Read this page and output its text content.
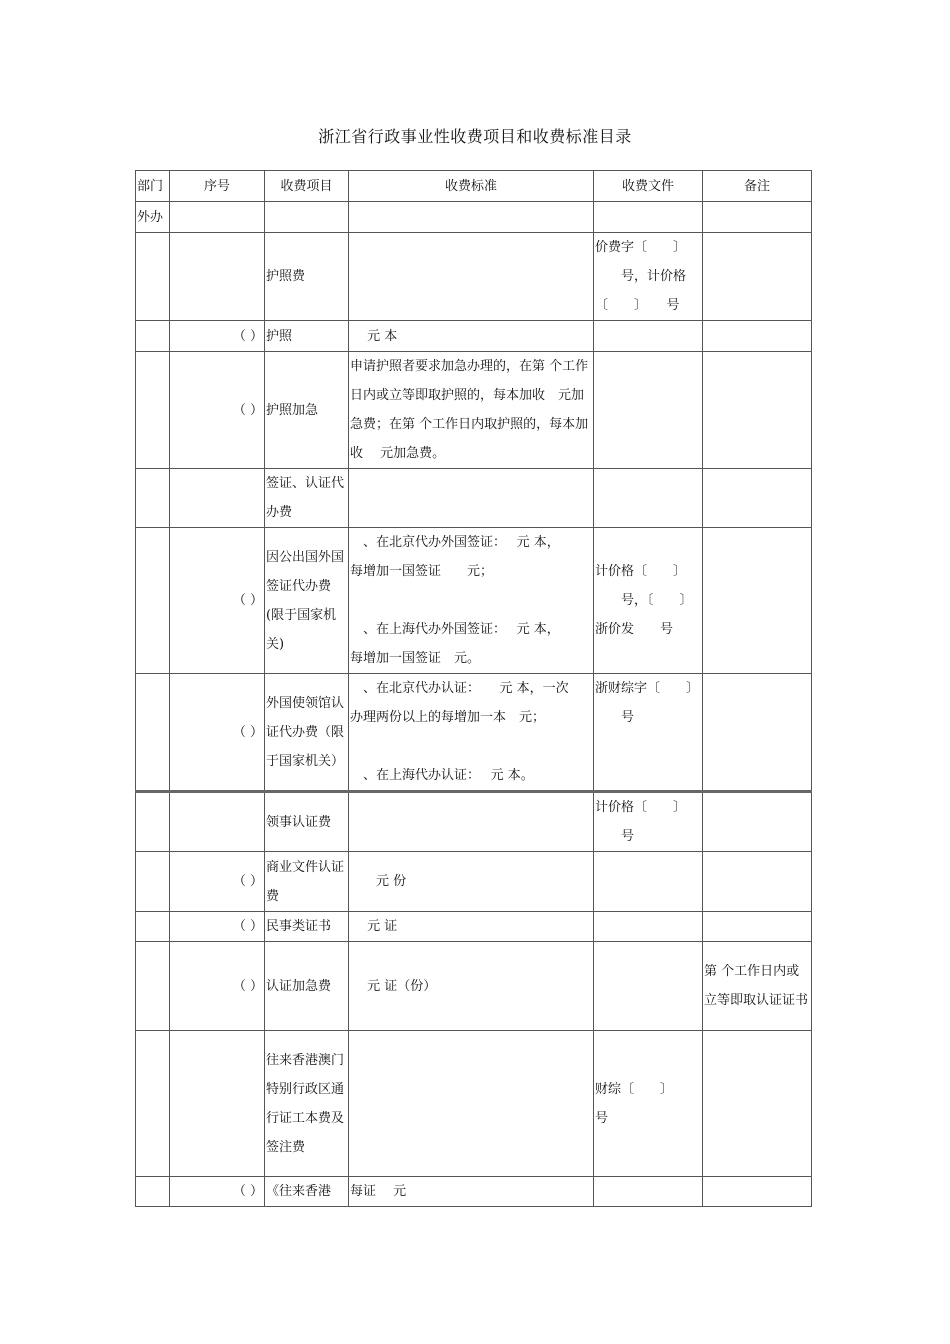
浙江省行政事业性收费项目和收费标准目录
部门	序号	收费项目	收费标准	收费文件	备注
外办					
		护照费		价费字〔　　〕
　　号，计价格
〔　　〕　　号	
	（ ）	护照	　 元 本		
	（ ）	护照加急	申请护照者要求加急办理的，在第 个工作日内或立等即取护照的，每本加收　元加急费；在第 个工作日内取护照的，每本加收　 元加急费。		
		签证、认证代办费			
	（ ）	因公出国外国签证代办费(限于国家机关)	　、在北京代办外国签证：　 元 本，
每增加一国签证　　元；

　、在上海代办外国签证：　 元 本，
每增加一国签证　元。	计价格〔　　〕
　　号，〔　　〕
浙价发　　号	
	（ ）	外国使领馆认证代办费（限于国家机关）	　、在北京代办认证：　　元 本，一次
办理两份以上的每增加一本　元；

　、在上海代办认证：　 元 本。	浙财综字〔　　〕
　　号	
		领事认证费		计价格〔　　〕
　　号	
	（ ）	商业文件认证费	　　元 份		
	（ ）	民事类证书	　 元 证		
	（ ）	认证加急费	　 元 证（份）		第 个工作日内或立等即取认证证书
		往来香港澳门特别行政区通行证工本费及签注费		财综〔　　〕
号	
	（ ）	《往来香港	每证　 元		
